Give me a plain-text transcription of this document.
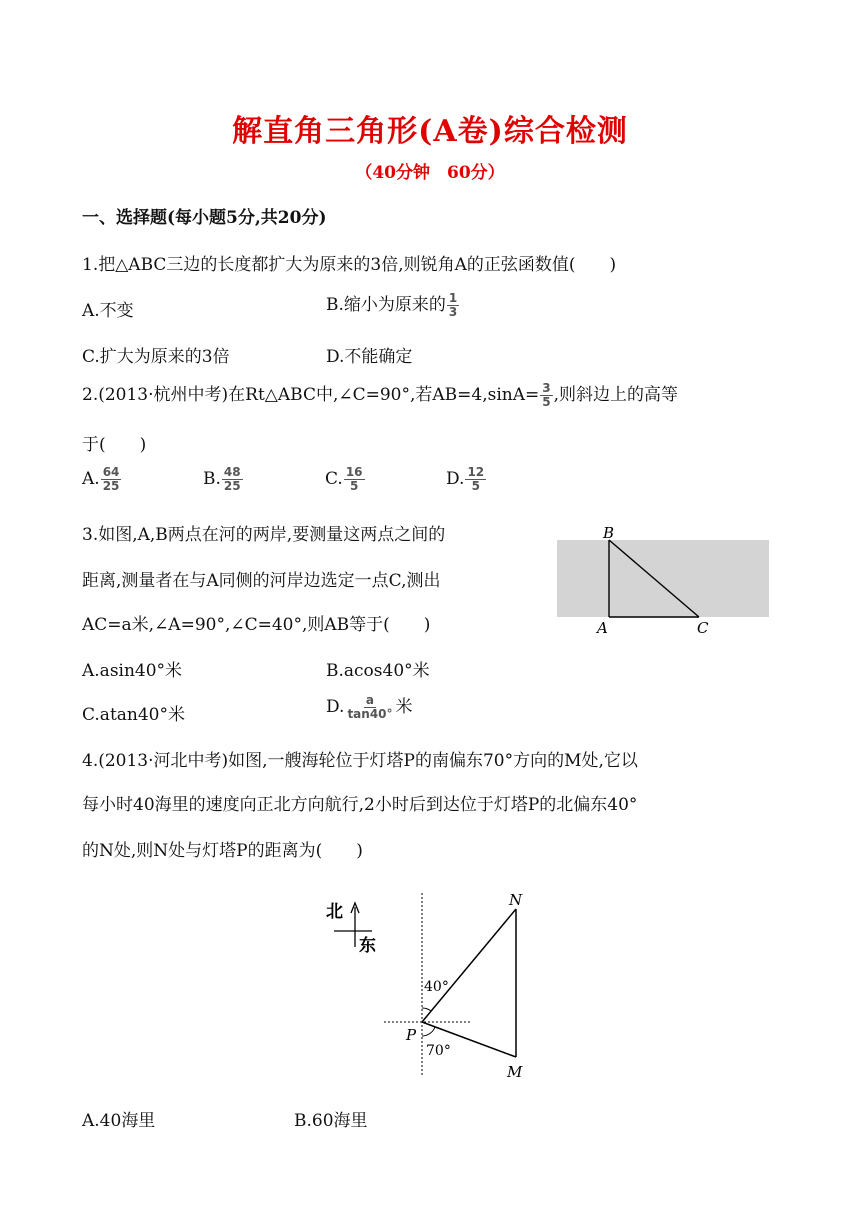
解直角三角形(A卷)综合检测
（40分钟　60分）
一、选择题(每小题5分,共20分)
1.把△ABC三边的长度都扩大为原来的3倍,则锐角A的正弦函数值(　　)
A.不变	B.缩小为原来的 $\frac{1}{3}$
C.扩大为原来的3倍	D.不能确定
2.(2013·杭州中考)在Rt△ABC中,∠C=90°,若$AB=4,\sin A= \frac{3}{5}$ ,则斜边上的高等
于(　　)
A. $\frac{64}{25}$	B. $\frac{48}{25}$	C. $\frac{16}{5}$	D. $\frac{12}{5}$
3.如图,A,B两点在河的两岸,要测量这两点之间的
距离,测量者在与A同侧的河岸边选定一点C,测出
AC=a米,∠A=90°,∠C=40°,则AB等于(　　)
B
A	C
A.asin40°米	B.acos40°米
C.atan40°米	D. $\frac{a}{\tan 40^\circ}$ 米
4.(2013·河北中考)如图,一艘海轮位于灯塔P的南偏东70°方向的M处,它以
每小时40海里的速度向正北方向航行,2小时后到达位于灯塔P的北偏东40°
的N处,则N处与灯塔P的距离为(　　)
北
东
N
P
M
40°
70°
A.40海里	B.60海里
